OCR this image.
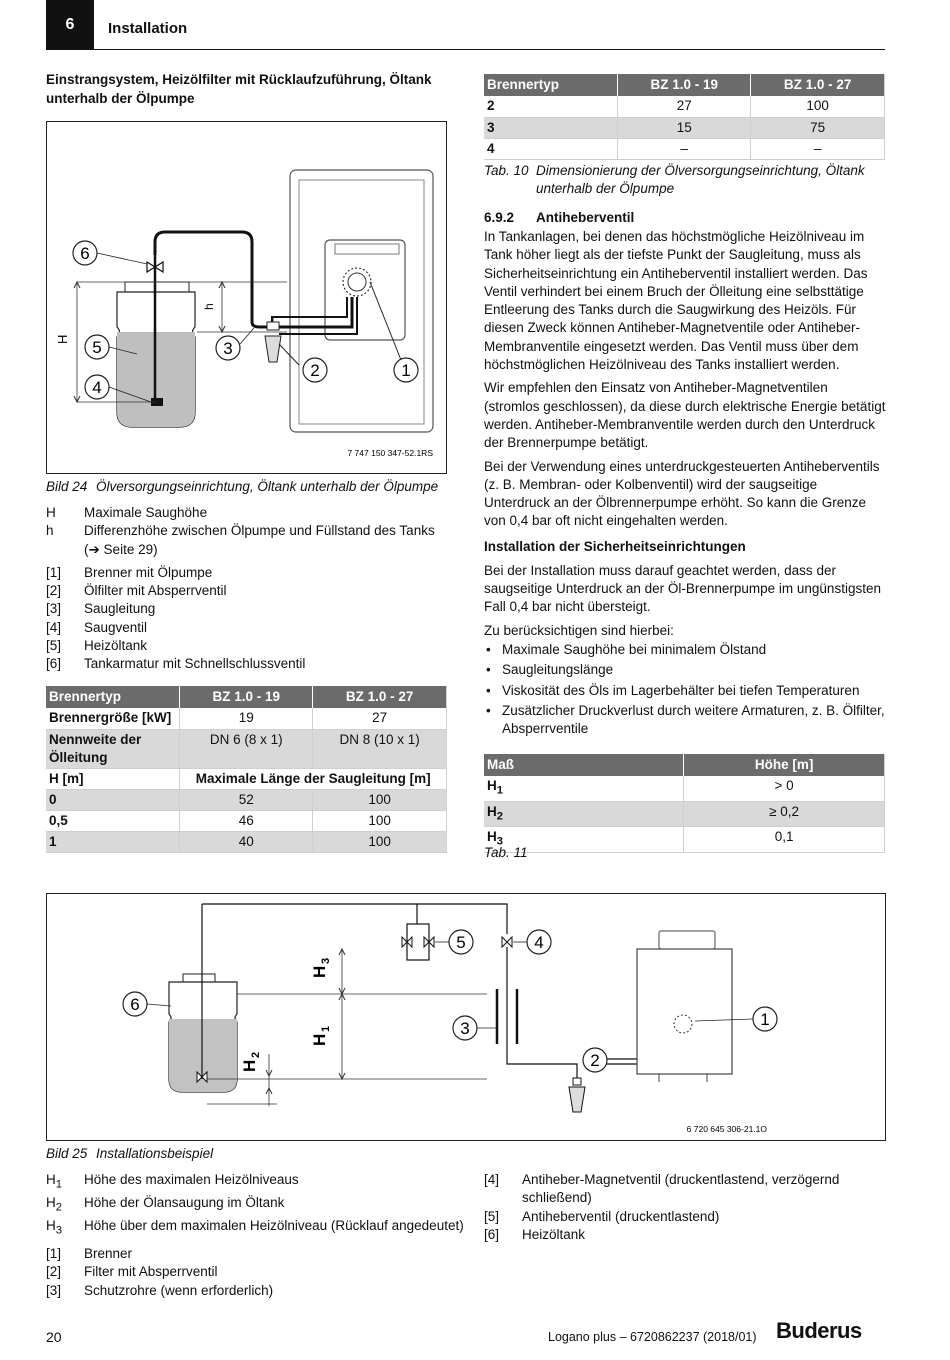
6 Installation
Einstrangsystem, Heizölfilter mit Rücklaufzuführung, Öltank unterhalb der Ölpumpe
H
h
6
5
4
3
2	1
7 747 150 347-52.1RS
Bild 24 Ölversorgungseinrichtung, Öltank unterhalb der Ölpumpe
H	Maximale Saughöhe
h	Differenzhöhe zwischen Ölpumpe und Füllstand des Tanks (➔ Seite 29)
[1]	Brenner mit Ölpumpe
[2]	Ölfilter mit Absperrventil
[3]	Saugleitung
[4]	Saugventil
[5]	Heizöltank
[6]	Tankarmatur mit Schnellschlussventil
Brennertyp	BZ 1.0 - 19	BZ 1.0 - 27
Brennergröße [kW]	19	27
Nennweite der Ölleitung	DN 6 (8 x 1)	DN 8 (10 x 1)
H [m]	Maximale Länge der Saugleitung [m]	
0	52	100
0,5	46	100
1	40	100
Brennertyp	BZ 1.0 - 19	BZ 1.0 - 27
2	27	100
3	15	75
4	–	–
Tab. 10 Dimensionierung der Ölversorgungseinrichtung, Öltank unterhalb der Ölpumpe
6.9.2 Antiheberventil

In Tankanlagen, bei denen das höchstmögliche Heizölniveau im Tank höher liegt als der tiefste Punkt der Saugleitung, muss als Sicherheitseinrichtung ein Antiheberventil installiert werden. Das Ventil verhindert bei einem Bruch der Ölleitung eine selbsttätige Entleerung des Tanks durch die Saugwirkung des Heizöls. Für diesen Zweck können Antiheber-Magnetventile oder Antiheber-Membranventile eingesetzt werden. Das Ventil muss über dem höchstmöglichen Heizölniveau des Tanks installiert werden.

Wir empfehlen den Einsatz von Antiheber-Magnetventilen (stromlos geschlossen), da diese durch elektrische Energie betätigt werden. Antiheber-Membranventile werden durch den Unterdruck der Brennerpumpe betätigt.

Bei der Verwendung eines unterdruckgesteuerten Antiheberventils (z. B. Membran- oder Kolbenventil) wird der saugseitige Unterdruck an der Ölbrennerpumpe erhöht. So kann die Grenze von 0,4 bar oft nicht eingehalten werden.

Installation der Sicherheitseinrichtungen

Bei der Installation muss darauf geachtet werden, dass der saugseitige Unterdruck an der Öl-Brennerpumpe im ungünstigsten Fall 0,4 bar nicht übersteigt.

Zu berücksichtigen sind hierbei:

• Maximale Saughöhe bei minimalem Ölstand
• Saugleitungslänge
• Viskosität des Öls im Lagerbehälter bei tiefen Temperaturen
• Zusätzlicher Druckverlust durch weitere Armaturen, z. B. Ölfilter, Absperrventile
Maß	Höhe [m]
$H_1$	> 0
$H_2$	≥ 0,2
$H_3$	0,1
Tab. 11
H
1
H
3
H
2
6
5	4
3
2
1
6 720 645 306-21.1O
Bild 25 Installationsbeispiel
$H_1$	Höhe des maximalen Heizölniveaus
$H_2$	Höhe der Ölansaugung im Öltank
$H_3$	Höhe über dem maximalen Heizölniveau (Rücklauf angedeutet)
[1]	Brenner
[2]	Filter mit Absperrventil
[3]	Schutzrohre (wenn erforderlich)
[4]	Antiheber-Magnetventil (druckentlastend, verzögernd schließend)
[5]	Antiheberventil (druckentlastend)
[6]	Heizöltank
20	Logano plus – 6720862237 (2018/01) Buderus
